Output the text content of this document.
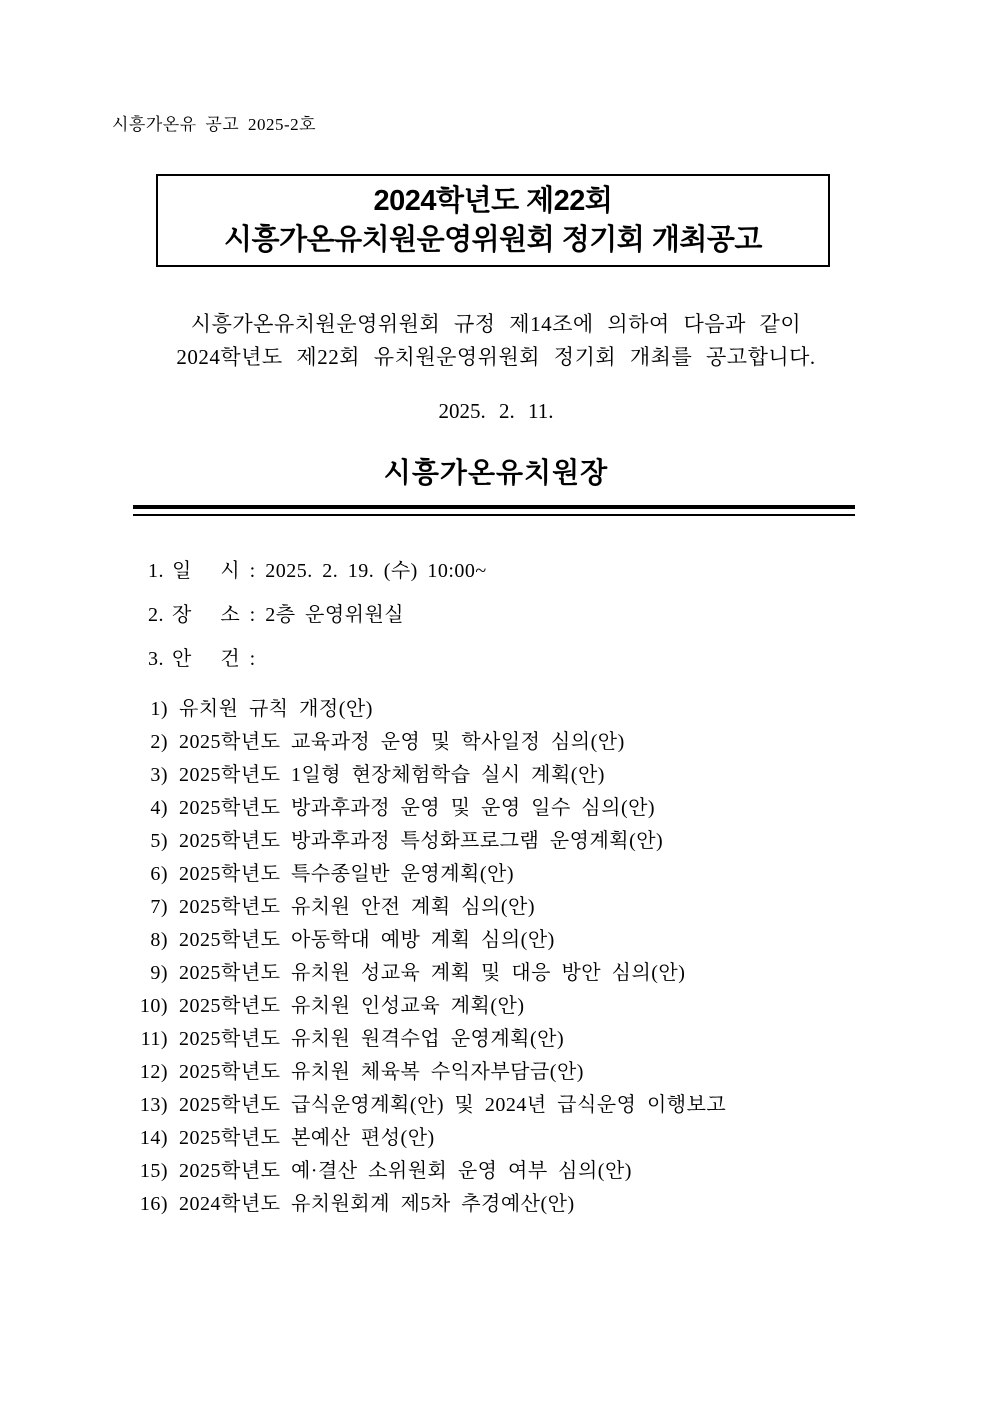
시흥가온유 공고 2025-2호
2024학년도 제22회
시흥가온유치원운영위원회 정기회 개최공고
시흥가온유치원운영위원회 규정 제14조에 의하여 다음과 같이
2024학년도 제22회 유치원운영위원회 정기회 개최를 공고합니다.
2025. 2. 11.
시흥가온유치원장
1. 일   시 : 2025. 2. 19. (수) 10:00~
2. 장   소 : 2층 운영위원실
3. 안   건 :
1) 유치원 규칙 개정(안)
2) 2025학년도 교육과정 운영 및 학사일정 심의(안)
3) 2025학년도 1일형 현장체험학습 실시 계획(안)
4) 2025학년도 방과후과정 운영 및 운영 일수 심의(안)
5) 2025학년도 방과후과정 특성화프로그램 운영계획(안)
6) 2025학년도 특수종일반 운영계획(안)
7) 2025학년도 유치원 안전 계획 심의(안)
8) 2025학년도 아동학대 예방 계획 심의(안)
9) 2025학년도 유치원 성교육 계획 및 대응 방안 심의(안)
10) 2025학년도 유치원 인성교육 계획(안)
11) 2025학년도 유치원 원격수업 운영계획(안)
12) 2025학년도 유치원 체육복 수익자부담금(안)
13) 2025학년도 급식운영계획(안) 및 2024년 급식운영 이행보고
14) 2025학년도 본예산 편성(안)
15) 2025학년도 예·결산 소위원회 운영 여부 심의(안)
16) 2024학년도 유치원회계 제5차 추경예산(안)
